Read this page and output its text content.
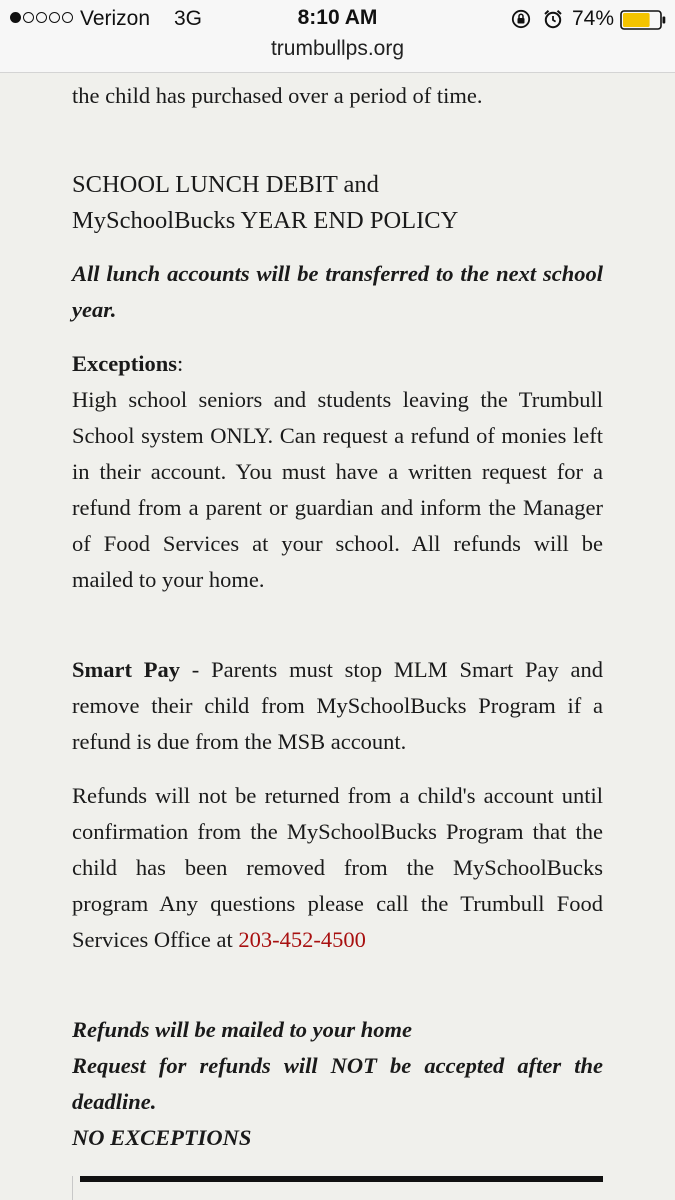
Verizon 3G	8:10 AM	74%
trumbullps.org
the child has purchased over a period of time.
SCHOOL LUNCH DEBIT and
MySchoolBucks YEAR END POLICY
All lunch accounts will be transferred to the next school year.
Exceptions:
High school seniors and students leaving the Trumbull School system ONLY. Can request a refund of monies left in their account. You must have a written request for a refund from a parent or guardian and inform the Manager of Food Services at your school. All refunds will be mailed to your home.
Smart Pay - Parents must stop MLM Smart Pay and remove their child from MySchoolBucks Program if a refund is due from the MSB account.
Refunds will not be returned from a child's account until confirmation from the MySchoolBucks Program that the child has been removed from the MySchoolBucks program Any questions please call the Trumbull Food Services Office at 203-452-4500
Refunds will be mailed to your home
Request for refunds will NOT be accepted after the deadline.
NO EXCEPTIONS
